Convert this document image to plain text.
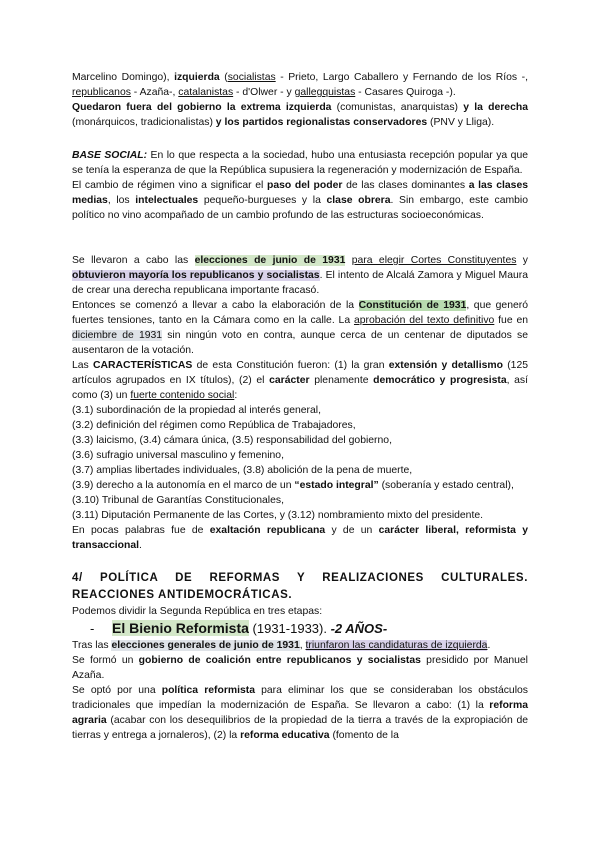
Marcelino Domingo), izquierda (socialistas - Prieto, Largo Caballero y Fernando de los Ríos -, republicanos - Azaña-, catalanistas - d'Olwer - y gallegquistas - Casares Quiroga -).

Quedaron fuera del gobierno la extrema izquierda (comunistas, anarquistas) y la derecha (monárquicos, tradicionalistas) y los partidos regionalistas conservadores (PNV y Lliga).

BASE SOCIAL: En lo que respecta a la sociedad, hubo una entusiasta recepción popular ya que se tenía la esperanza de que la República supusiera la regeneración y modernización de España.

El cambio de régimen vino a significar el paso del poder de las clases dominantes a las clases medias, los intelectuales pequeño-burgueses y la clase obrera. Sin embargo, este cambio político no vino acompañado de un cambio profundo de las estructuras socioeconómicas.

Se llevaron a cabo las elecciones de junio de 1931 para elegir Cortes Constituyentes y obtuvieron mayoría los republicanos y socialistas. El intento de Alcalá Zamora y Miguel Maura de crear una derecha republicana importante fracasó.

Entonces se comenzó a llevar a cabo la elaboración de la Constitución de 1931, que generó fuertes tensiones, tanto en la Cámara como en la calle. La aprobación del texto definitivo fue en diciembre de 1931 sin ningún voto en contra, aunque cerca de un centenar de diputados se ausentaron de la votación.

Las CARACTERÍSTICAS de esta Constitución fueron: (1) la gran extensión y detallismo (125 artículos agrupados en IX títulos), (2) el carácter plenamente democrático y progresista, así como (3) un fuerte contenido social:

(3.1) subordinación de la propiedad al interés general,

(3.2) definición del régimen como República de Trabajadores,

(3.3) laicismo, (3.4) cámara única, (3.5) responsabilidad del gobierno,

(3.6) sufragio universal masculino y femenino,

(3.7) amplias libertades individuales, (3.8) abolición de la pena de muerte,

(3.9) derecho a la autonomía en el marco de un “estado integral” (soberanía y estado central),

(3.10) Tribunal de Garantías Constitucionales,

(3.11) Diputación Permanente de las Cortes, y (3.12) nombramiento mixto del presidente.

En pocas palabras fue de exaltación republicana y de un carácter liberal, reformista y transaccional.

4/ POLÍTICA DE REFORMAS Y REALIZACIONES CULTURALES. REACCIONES ANTIDEMOCRÁTICAS.

Podemos dividir la Segunda República en tres etapas:

- El Bienio Reformista (1931-1933). -2 AÑOS-

Tras las elecciones generales de junio de 1931, triunfaron las candidaturas de izquierda.

Se formó un gobierno de coalición entre republicanos y socialistas presidido por Manuel Azaña.

Se optó por una política reformista para eliminar los que se consideraban los obstáculos tradicionales que impedían la modernización de España. Se llevaron a cabo: (1) la reforma agraria (acabar con los desequilibrios de la propiedad de la tierra a través de la expropiación de tierras y entrega a jornaleros), (2) la reforma educativa (fomento de la
